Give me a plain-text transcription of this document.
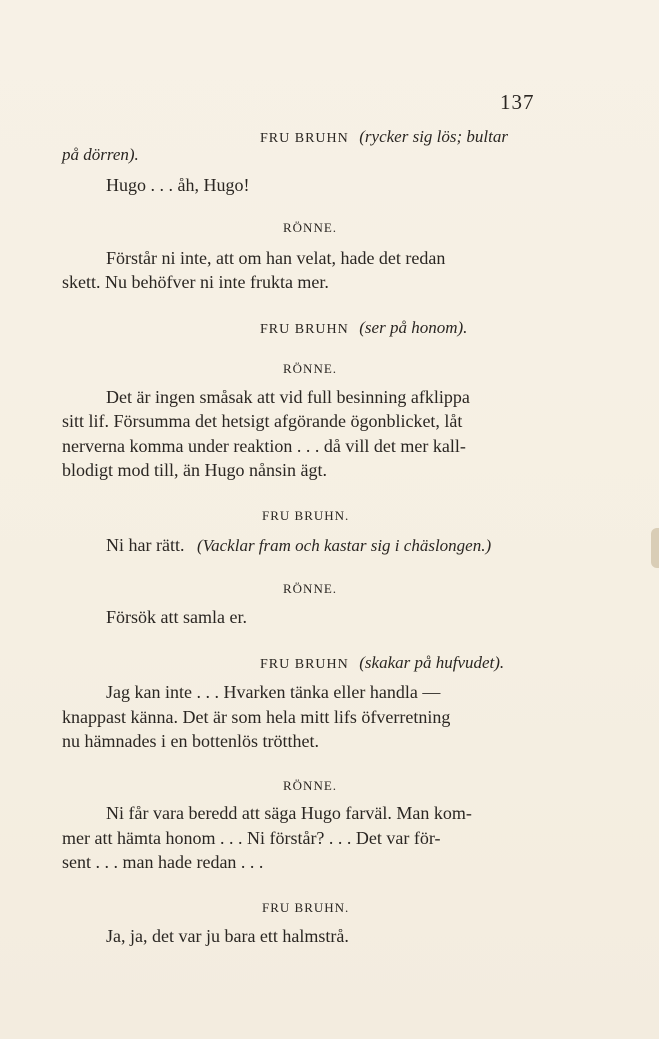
137
FRU BRUHN (rycker sig lös; bultar
på dörren).
Hugo . . . åh, Hugo!
RÖNNE.
Förstår ni inte, att om han velat, hade det redan
skett. Nu behöfver ni inte frukta mer.
FRU BRUHN (ser på honom).
RÖNNE.
Det är ingen småsak att vid full besinning afklippa
sitt lif. Försumma det hetsigt afgörande ögonblicket, låt
nerverna komma under reaktion . . . då vill det mer kall-
blodigt mod till, än Hugo nånsin ägt.
FRU BRUHN.
Ni har rätt. (Vacklar fram och kastar sig i chäslongen.)
RÖNNE.
Försök att samla er.
FRU BRUHN (skakar på hufvudet).
Jag kan inte . . . Hvarken tänka eller handla —
knappast känna. Det är som hela mitt lifs öfverretning
nu hämnades i en bottenlös trötthet.
RÖNNE.
Ni får vara beredd att säga Hugo farväl. Man kom-
mer att hämta honom . . . Ni förstår? . . . Det var för-
sent . . . man hade redan . . .
FRU BRUHN.
Ja, ja, det var ju bara ett halmstrå.
